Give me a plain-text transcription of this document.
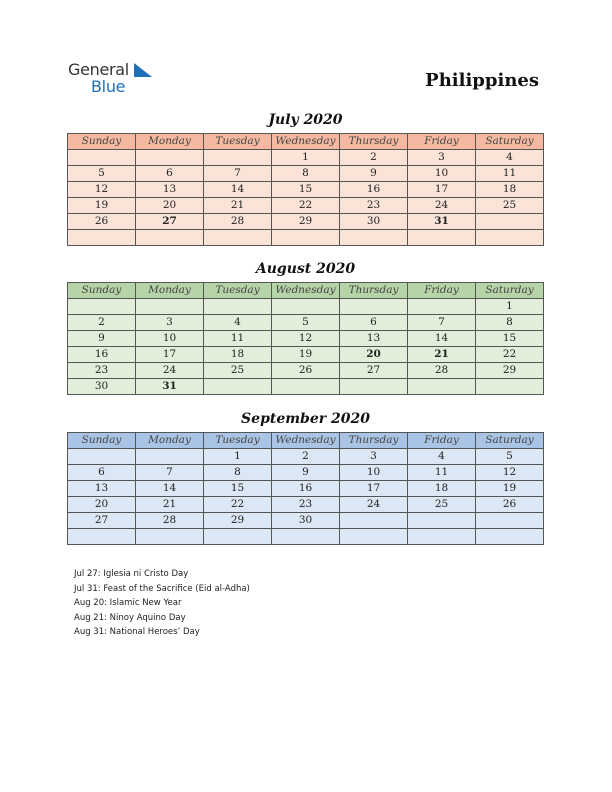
General
Blue	Philippines
July 2020
Sunday	Monday	Tuesday	Wednesday	Thursday	Friday	Saturday
			1	2	3	4
5	6	7	8	9	10	11
12	13	14	15	16	17	18
19	20	21	22	23	24	25
26	27	28	29	30	31	

August 2020
Sunday	Monday	Tuesday	Wednesday	Thursday	Friday	Saturday
						1
2	3	4	5	6	7	8
9	10	11	12	13	14	15
16	17	18	19	20	21	22
23	24	25	26	27	28	29
30	31					
September 2020
Sunday	Monday	Tuesday	Wednesday	Thursday	Friday	Saturday
		1	2	3	4	5
6	7	8	9	10	11	12
13	14	15	16	17	18	19
20	21	22	23	24	25	26
27	28	29	30			

Jul 27: Iglesia ni Cristo Day
Jul 31: Feast of the Sacrifice (Eid al-Adha)
Aug 20: Islamic New Year
Aug 21: Ninoy Aquino Day
Aug 31: National Heroes’ Day
